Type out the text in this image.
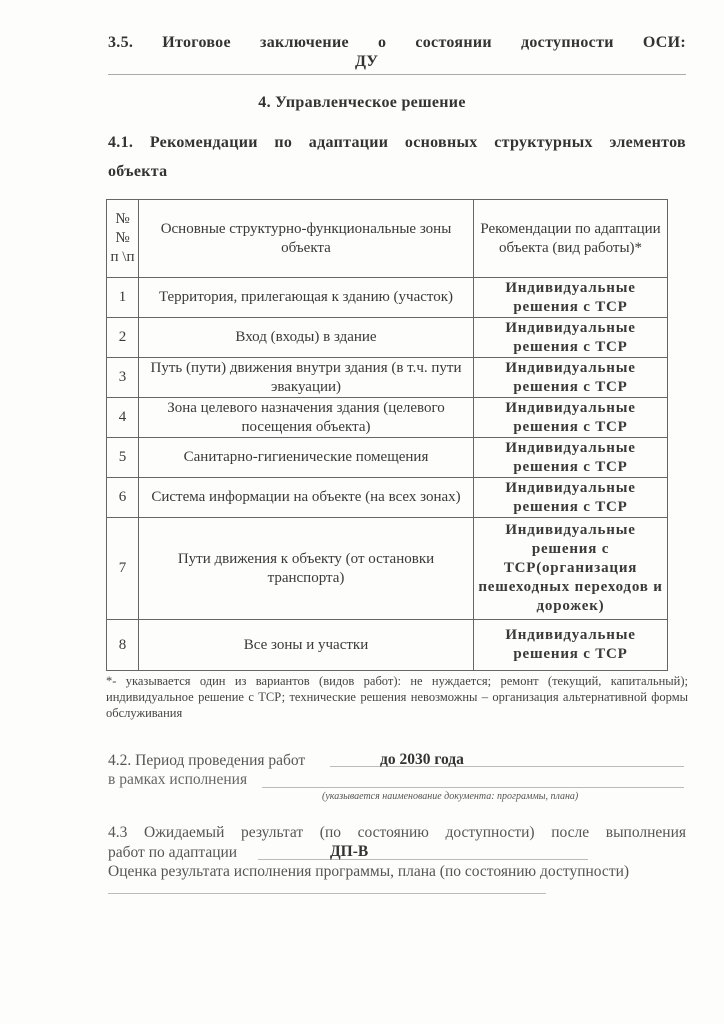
3.5. Итоговое заключение о состоянии доступности ОСИ:
ДУ
4. Управленческое решение
4.1. Рекомендации по адаптации основных структурных элементов
объекта
№ № п \п	Основные структурно-функциональные зоны объекта	Рекомендации по адаптации объекта (вид работы)*
1	Территория, прилегающая к зданию (участок)	Индивидуальные решения с ТСР
2	Вход (входы) в здание	Индивидуальные решения с ТСР
3	Путь (пути) движения внутри здания (в т.ч. пути эвакуации)	Индивидуальные решения с ТСР
4	Зона целевого назначения здания (целевого посещения объекта)	Индивидуальные решения с ТСР
5	Санитарно-гигиенические помещения	Индивидуальные решения с ТСР
6	Система информации на объекте (на всех зонах)	Индивидуальные решения с ТСР
7	Пути движения к объекту (от остановки транспорта)	Индивидуальные решения с ТСР(организация пешеходных переходов и дорожек)
8	Все зоны и участки	Индивидуальные решения с ТСР
*- указывается один из вариантов (видов работ): не нуждается; ремонт (текущий, капитальный); индивидуальное решение с ТСР; технические решения невозможны – организация альтернативной формы обслуживания
4.2. Период проведения работ	до 2030 года
в рамках исполнения
(указывается наименование документа: программы, плана)
4.3 Ожидаемый результат (по состоянию доступности) после выполнения
работ по адаптации	ДП-В
Оценка результата исполнения программы, плана (по состоянию доступности)
